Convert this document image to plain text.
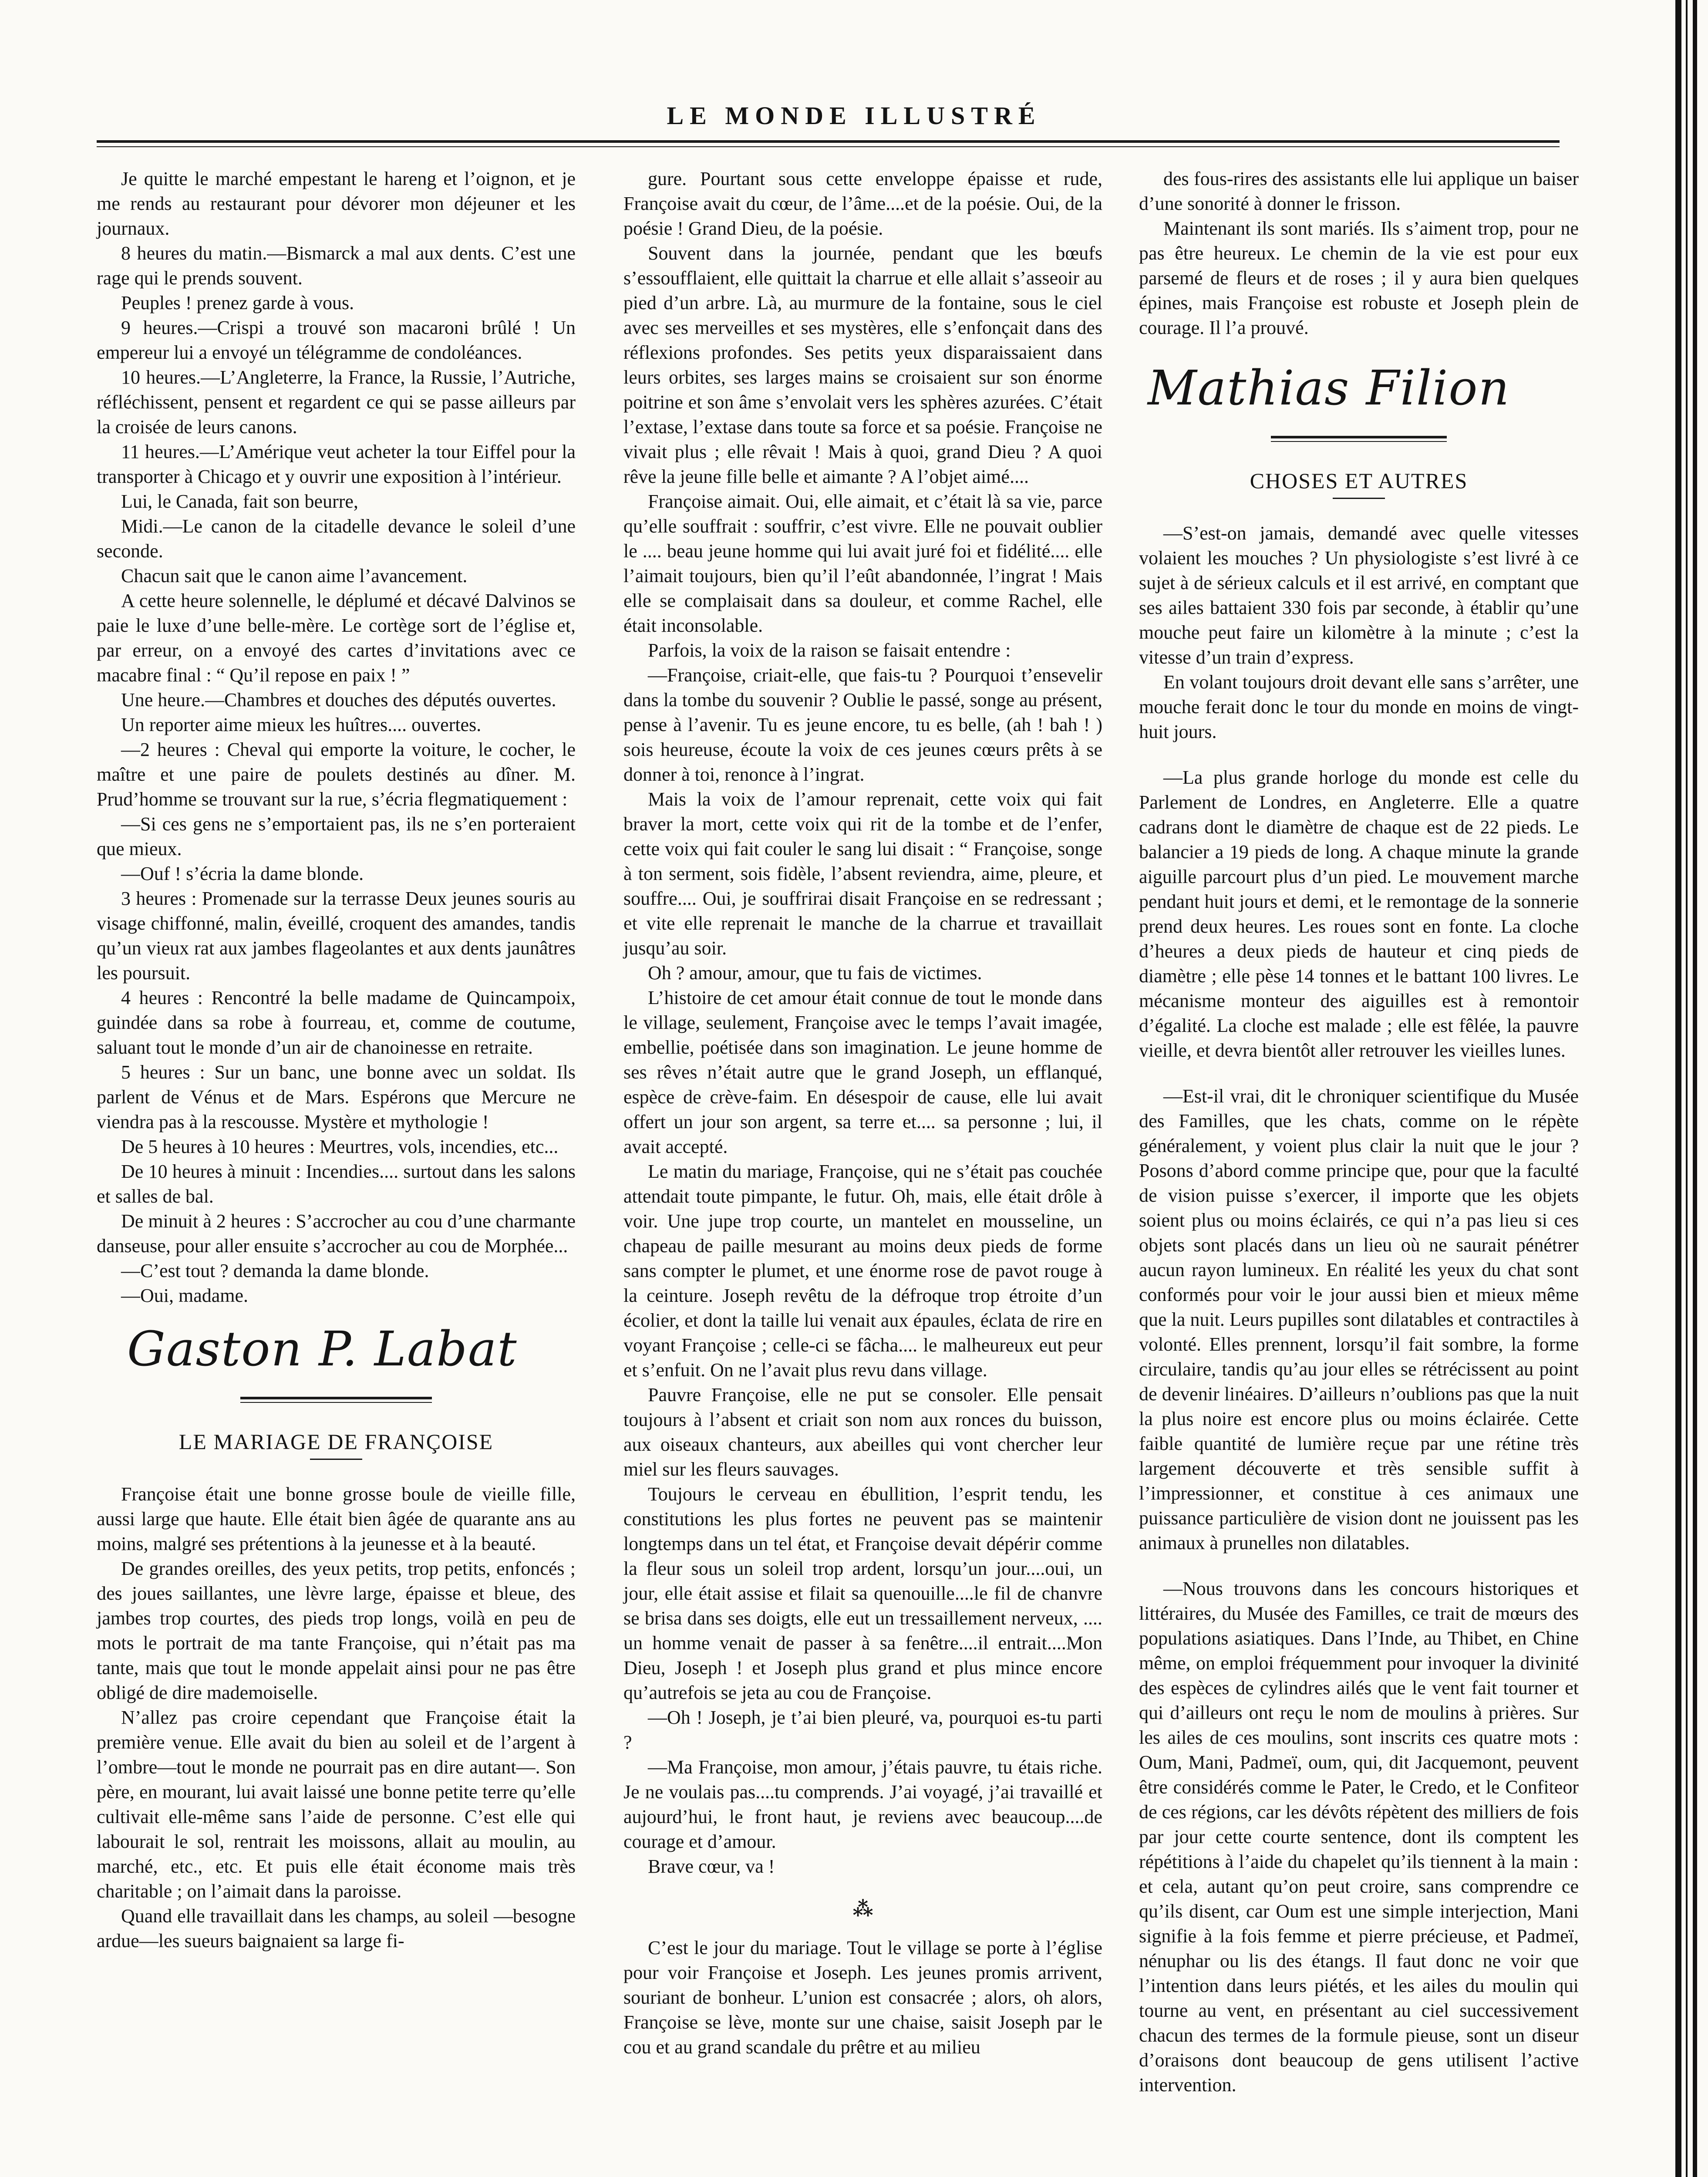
LE MONDE ILLUSTRÉ

Je quitte le marché empestant le hareng et l’oignon, et je me rends au restaurant pour dévorer mon déjeuner et les journaux.

8 heures du matin.—Bismarck a mal aux dents. C’est une rage qui le prends souvent.

Peuples ! prenez garde à vous.

9 heures.—Crispi a trouvé son macaroni brûlé ! Un empereur lui a envoyé un télégramme de condoléances.

10 heures.—L’Angleterre, la France, la Russie, l’Autriche, réfléchissent, pensent et regardent ce qui se passe ailleurs par la croisée de leurs canons.

11 heures.—L’Amérique veut acheter la tour Eiffel pour la transporter à Chicago et y ouvrir une exposition à l’intérieur.

Lui, le Canada, fait son beurre,

Midi.—Le canon de la citadelle devance le soleil d’une seconde.

Chacun sait que le canon aime l’avancement.

A cette heure solennelle, le déplumé et décavé Dalvinos se paie le luxe d’une belle-mère. Le cortège sort de l’église et, par erreur, on a envoyé des cartes d’invitations avec ce macabre final : “ Qu’il repose en paix ! ”

Une heure.—Chambres et douches des députés ouvertes.

Un reporter aime mieux les huîtres.... ouvertes.

—2 heures : Cheval qui emporte la voiture, le cocher, le maître et une paire de poulets destinés au dîner. M. Prud’homme se trouvant sur la rue, s’écria flegmatiquement :

—Si ces gens ne s’emportaient pas, ils ne s’en porteraient que mieux.

—Ouf ! s’écria la dame blonde.

3 heures : Promenade sur la terrasse Deux jeunes souris au visage chiffonné, malin, éveillé, croquent des amandes, tandis qu’un vieux rat aux jambes flageolantes et aux dents jaunâtres les poursuit.

4 heures : Rencontré la belle madame de Quincampoix, guindée dans sa robe à fourreau, et, comme de coutume, saluant tout le monde d’un air de chanoinesse en retraite.

5 heures : Sur un banc, une bonne avec un soldat. Ils parlent de Vénus et de Mars. Espérons que Mercure ne viendra pas à la rescousse. Mystère et mythologie !

De 5 heures à 10 heures : Meurtres, vols, incendies, etc...

De 10 heures à minuit : Incendies.... surtout dans les salons et salles de bal.

De minuit à 2 heures : S’accrocher au cou d’une charmante danseuse, pour aller ensuite s’accrocher au cou de Morphée...

—C’est tout ? demanda la dame blonde.

—Oui, madame.

Gaston P. Labat
LE MARIAGE DE FRANÇOISE

Françoise était une bonne grosse boule de vieille fille, aussi large que haute. Elle était bien âgée de quarante ans au moins, malgré ses prétentions à la jeunesse et à la beauté.

De grandes oreilles, des yeux petits, trop petits, enfoncés ; des joues saillantes, une lèvre large, épaisse et bleue, des jambes trop courtes, des pieds trop longs, voilà en peu de mots le portrait de ma tante Françoise, qui n’était pas ma tante, mais que tout le monde appelait ainsi pour ne pas être obligé de dire mademoiselle.

N’allez pas croire cependant que Françoise était la première venue. Elle avait du bien au soleil et de l’argent à l’ombre—tout le monde ne pourrait pas en dire autant—. Son père, en mourant, lui avait laissé une bonne petite terre qu’elle cultivait elle-même sans l’aide de personne. C’est elle qui labourait le sol, rentrait les moissons, allait au moulin, au marché, etc., etc. Et puis elle était économe mais très charitable ; on l’aimait dans la paroisse.

Quand elle travaillait dans les champs, au soleil —besogne ardue—les sueurs baignaient sa large fi-

gure. Pourtant sous cette enveloppe épaisse et rude, Françoise avait du cœur, de l’âme....et de la poésie. Oui, de la poésie ! Grand Dieu, de la poésie.

Souvent dans la journée, pendant que les bœufs s’essoufflaient, elle quittait la charrue et elle allait s’asseoir au pied d’un arbre. Là, au murmure de la fontaine, sous le ciel avec ses merveilles et ses mystères, elle s’enfonçait dans des réflexions profondes. Ses petits yeux disparaissaient dans leurs orbites, ses larges mains se croisaient sur son énorme poitrine et son âme s’envolait vers les sphères azurées. C’était l’extase, l’extase dans toute sa force et sa poésie. Françoise ne vivait plus ; elle rêvait ! Mais à quoi, grand Dieu ? A quoi rêve la jeune fille belle et aimante ? A l’objet aimé....

Françoise aimait. Oui, elle aimait, et c’était là sa vie, parce qu’elle souffrait : souffrir, c’est vivre. Elle ne pouvait oublier le .... beau jeune homme qui lui avait juré foi et fidélité.... elle l’aimait toujours, bien qu’il l’eût abandonnée, l’ingrat ! Mais elle se complaisait dans sa douleur, et comme Rachel, elle était inconsolable.

Parfois, la voix de la raison se faisait entendre :

—Françoise, criait-elle, que fais-tu ? Pourquoi t’ensevelir dans la tombe du souvenir ? Oublie le passé, songe au présent, pense à l’avenir. Tu es jeune encore, tu es belle, (ah ! bah ! ) sois heureuse, écoute la voix de ces jeunes cœurs prêts à se donner à toi, renonce à l’ingrat.

Mais la voix de l’amour reprenait, cette voix qui fait braver la mort, cette voix qui rit de la tombe et de l’enfer, cette voix qui fait couler le sang lui disait : “ Françoise, songe à ton serment, sois fidèle, l’absent reviendra, aime, pleure, et souffre.... Oui, je souffrirai disait Françoise en se redressant ; et vite elle reprenait le manche de la charrue et travaillait jusqu’au soir.

Oh ? amour, amour, que tu fais de victimes.

L’histoire de cet amour était connue de tout le monde dans le village, seulement, Françoise avec le temps l’avait imagée, embellie, poétisée dans son imagination. Le jeune homme de ses rêves n’était autre que le grand Joseph, un efflanqué, espèce de crève-faim. En désespoir de cause, elle lui avait offert un jour son argent, sa terre et.... sa personne ; lui, il avait accepté.

Le matin du mariage, Françoise, qui ne s’était pas couchée attendait toute pimpante, le futur. Oh, mais, elle était drôle à voir. Une jupe trop courte, un mantelet en mousseline, un chapeau de paille mesurant au moins deux pieds de forme sans compter le plumet, et une énorme rose de pavot rouge à la ceinture. Joseph revêtu de la défroque trop étroite d’un écolier, et dont la taille lui venait aux épaules, éclata de rire en voyant Françoise ; celle-ci se fâcha.... le malheureux eut peur et s’enfuit. On ne l’avait plus revu dans village.

Pauvre Françoise, elle ne put se consoler. Elle pensait toujours à l’absent et criait son nom aux ronces du buisson, aux oiseaux chanteurs, aux abeilles qui vont chercher leur miel sur les fleurs sauvages.

Toujours le cerveau en ébullition, l’esprit tendu, les constitutions les plus fortes ne peuvent pas se maintenir longtemps dans un tel état, et Françoise devait dépérir comme la fleur sous un soleil trop ardent, lorsqu’un jour....oui, un jour, elle était assise et filait sa quenouille....le fil de chanvre se brisa dans ses doigts, elle eut un tressaillement nerveux, .... un homme venait de passer à sa fenêtre....il entrait....Mon Dieu, Joseph ! et Joseph plus grand et plus mince encore qu’autrefois se jeta au cou de Françoise.

—Oh ! Joseph, je t’ai bien pleuré, va, pourquoi es-tu parti ?

—Ma Françoise, mon amour, j’étais pauvre, tu étais riche. Je ne voulais pas....tu comprends. J’ai voyagé, j’ai travaillé et aujourd’hui, le front haut, je reviens avec beaucoup....de courage et d’amour.

Brave cœur, va !

⁂

C’est le jour du mariage. Tout le village se porte à l’église pour voir Françoise et Joseph. Les jeunes promis arrivent, souriant de bonheur. L’union est consacrée ; alors, oh alors, Françoise se lève, monte sur une chaise, saisit Joseph par le cou et au grand scandale du prêtre et au milieu

des fous-rires des assistants elle lui applique un baiser d’une sonorité à donner le frisson.

Maintenant ils sont mariés. Ils s’aiment trop, pour ne pas être heureux. Le chemin de la vie est pour eux parsemé de fleurs et de roses ; il y aura bien quelques épines, mais Françoise est robuste et Joseph plein de courage. Il l’a prouvé.

Mathias Filion
CHOSES ET AUTRES

—S’est-on jamais, demandé avec quelle vitesses volaient les mouches ? Un physiologiste s’est livré à ce sujet à de sérieux calculs et il est arrivé, en comptant que ses ailes battaient 330 fois par seconde, à établir qu’une mouche peut faire un kilomètre à la minute ; c’est la vitesse d’un train d’express.

En volant toujours droit devant elle sans s’arrêter, une mouche ferait donc le tour du monde en moins de vingt-huit jours.

—La plus grande horloge du monde est celle du Parlement de Londres, en Angleterre. Elle a quatre cadrans dont le diamètre de chaque est de 22 pieds. Le balancier a 19 pieds de long. A chaque minute la grande aiguille parcourt plus d’un pied. Le mouvement marche pendant huit jours et demi, et le remontage de la sonnerie prend deux heures. Les roues sont en fonte. La cloche d’heures a deux pieds de hauteur et cinq pieds de diamètre ; elle pèse 14 tonnes et le battant 100 livres. Le mécanisme monteur des aiguilles est à remontoir d’égalité. La cloche est malade ; elle est fêlée, la pauvre vieille, et devra bientôt aller retrouver les vieilles lunes.

—Est-il vrai, dit le chroniquer scientifique du Musée des Familles, que les chats, comme on le répète généralement, y voient plus clair la nuit que le jour ? Posons d’abord comme principe que, pour que la faculté de vision puisse s’exercer, il importe que les objets soient plus ou moins éclairés, ce qui n’a pas lieu si ces objets sont placés dans un lieu où ne saurait pénétrer aucun rayon lumineux. En réalité les yeux du chat sont conformés pour voir le jour aussi bien et mieux même que la nuit. Leurs pupilles sont dilatables et contractiles à volonté. Elles prennent, lorsqu’il fait sombre, la forme circulaire, tandis qu’au jour elles se rétrécissent au point de devenir linéaires. D’ailleurs n’oublions pas que la nuit la plus noire est encore plus ou moins éclairée. Cette faible quantité de lumière reçue par une rétine très largement découverte et très sensible suffit à l’impressionner, et constitue à ces animaux une puissance particulière de vision dont ne jouissent pas les animaux à prunelles non dilatables.

—Nous trouvons dans les concours historiques et littéraires, du Musée des Familles, ce trait de mœurs des populations asiatiques. Dans l’Inde, au Thibet, en Chine même, on emploi fréquemment pour invoquer la divinité des espèces de cylindres ailés que le vent fait tourner et qui d’ailleurs ont reçu le nom de moulins à prières. Sur les ailes de ces moulins, sont inscrits ces quatre mots : Oum, Mani, Padmeï, oum, qui, dit Jacquemont, peuvent être considérés comme le Pater, le Credo, et le Confiteor de ces régions, car les dévôts répètent des milliers de fois par jour cette courte sentence, dont ils comptent les répétitions à l’aide du chapelet qu’ils tiennent à la main : et cela, autant qu’on peut croire, sans comprendre ce qu’ils disent, car Oum est une simple interjection, Mani signifie à la fois femme et pierre précieuse, et Padmeï, nénuphar ou lis des étangs. Il faut donc ne voir que l’intention dans leurs piétés, et les ailes du moulin qui tourne au vent, en présentant au ciel successivement chacun des termes de la formule pieuse, sont un diseur d’oraisons dont beaucoup de gens utilisent l’active intervention.
